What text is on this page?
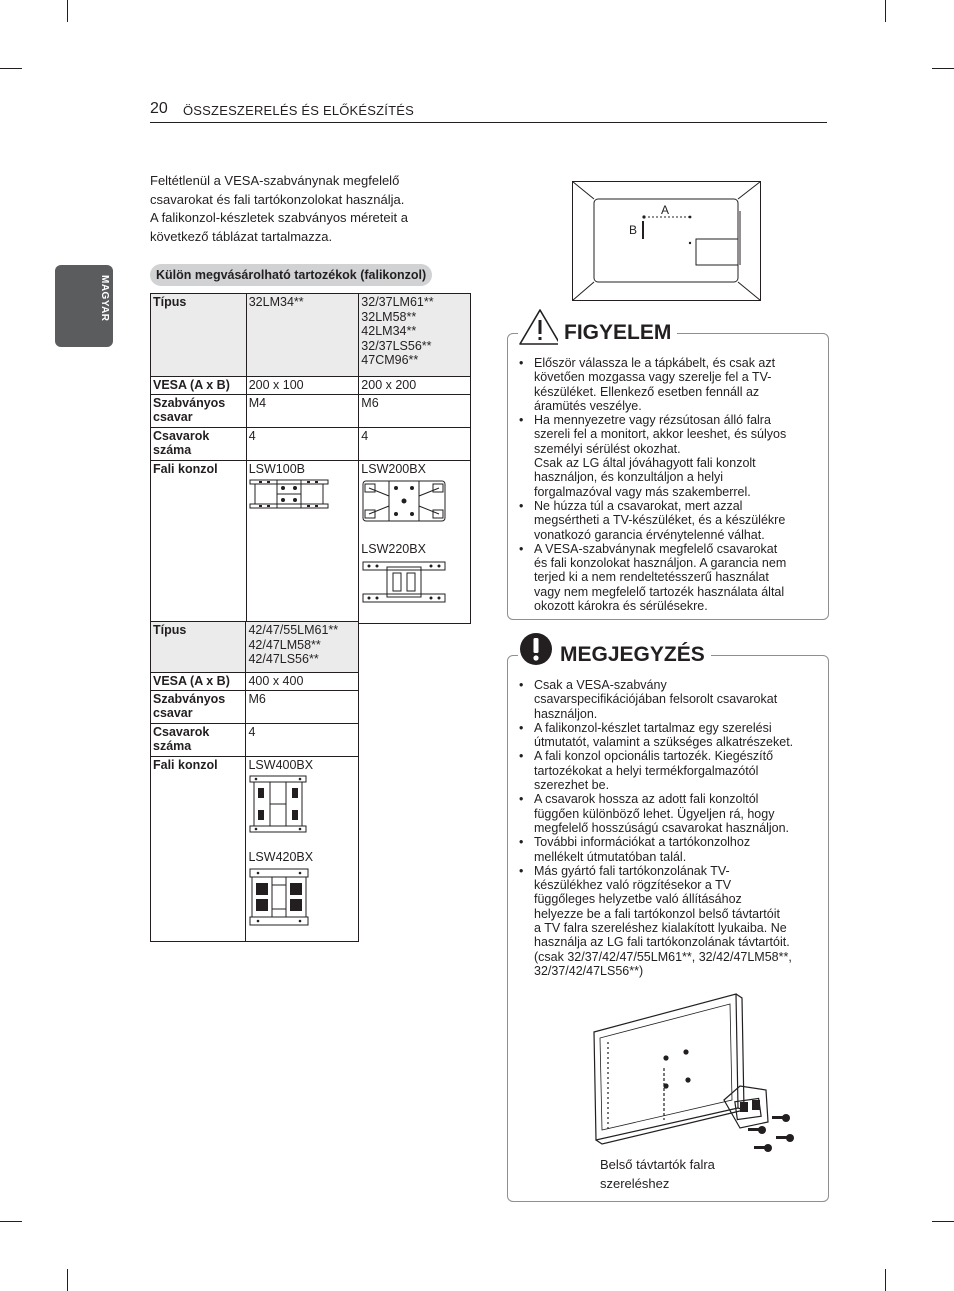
20 ÖSSZESZERELÉS ÉS ELŐKÉSZÍTÉS
MAGYAR

Feltétlenül a VESA-szabványnak megfelelő

csavarokat és fali tartókonzolokat használja.

A falikonzol-készletek szabványos méreteit a

következő táblázat tartalmazza.

Külön megvásárolható tartozékok (falikonzol)
Típus	32LM34**	32/37LM61**
32LM58**
42LM34**
32/37LS56**
47CM96**

VESA (A x B)	200 x 100	200 x 200
Szabványos csavar	M4	M6
Csavarok száma	4	4
Fali konzol	LSW100B	LSW200BX
LSW220BX
Típus	42/47/55LM61**
42/47LM58**
42/47LS56**

VESA (A x B)	400 x 400
Szabványos csavar	M6
Csavarok száma	4
Fali konzol	LSW400BX
LSW420BX
A
B
FIGYELEM
• Először válassza le a tápkábelt, és csak azt
követően mozgassa vagy szerelje fel a TV-
készüléket. Ellenkező esetben fennáll az
áramütés veszélye.
• Ha mennyezetre vagy rézsútosan álló falra
szereli fel a monitort, akkor leeshet, és súlyos
személyi sérülést okozhat.
Csak az LG által jóváhagyott fali konzolt
használjon, és konzultáljon a helyi
forgalmazóval vagy más szakemberrel.
• Ne húzza túl a csavarokat, mert azzal
megsértheti a TV-készüléket, és a készülékre
vonatkozó garancia érvénytelenné válhat.
• A VESA-szabványnak megfelelő csavarokat
és fali konzolokat használjon. A garancia nem
terjed ki a nem rendeltetésszerű használat
vagy nem megfelelő tartozék használata által
okozott károkra és sérülésekre.
MEGJEGYZÉS
• Csak a VESA-szabvány
csavarspecifikációjában felsorolt csavarokat
használjon.
• A falikonzol-készlet tartalmaz egy szerelési
útmutatót, valamint a szükséges alkatrészeket.
• A fali konzol opcionális tartozék. Kiegészítő
tartozékokat a helyi termékforgalmazótól
szerezhet be.
• A csavarok hossza az adott fali konzoltól
függően különböző lehet. Ügyeljen rá, hogy
megfelelő hosszúságú csavarokat használjon.
• További információkat a tartókonzolhoz
mellékelt útmutatóban talál.
• Más gyártó fali tartókonzolának TV-
készülékhez való rögzítésekor a TV
függőleges helyzetbe való állításához
helyezze be a fali tartókonzol belső távtartóit
a TV falra szereléshez kialakított lyukaiba. Ne
használja az LG fali tartókonzolának távtartóit.
(csak 32/37/42/47/55LM61**, 32/42/47LM58**,
32/37/42/47LS56**)
Belső távtartók falra
szereléshez
